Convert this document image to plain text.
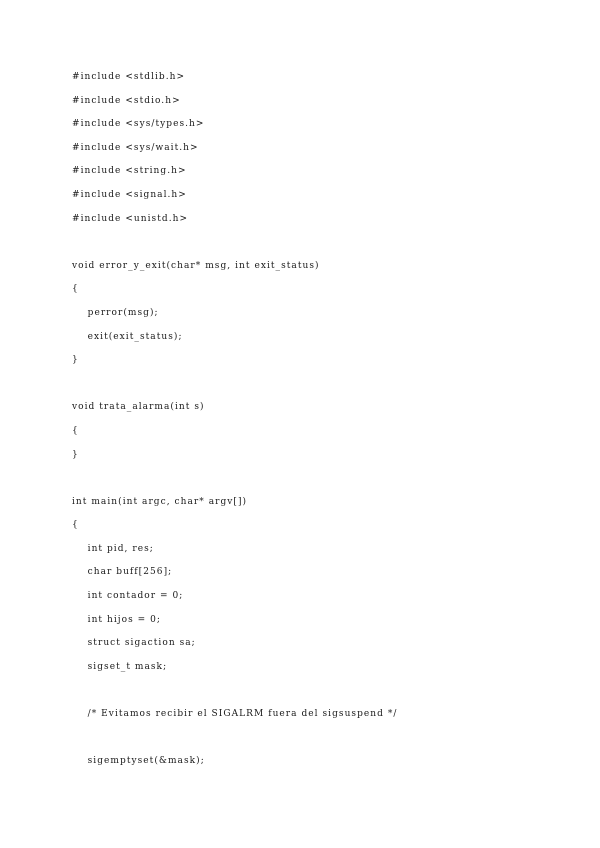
#include <stdlib.h>
#include <stdio.h>
#include <sys/types.h>
#include <sys/wait.h>
#include <string.h>
#include <signal.h>
#include <unistd.h>
void error_y_exit(char* msg, int exit_status)
{
perror(msg);
exit(exit_status);
}
void trata_alarma(int s)
{
}
int main(int argc, char* argv[])
{
int pid, res;
char buff[256];
int contador = 0;
int hijos = 0;
struct sigaction sa;
sigset_t mask;
/* Evitamos recibir el SIGALRM fuera del sigsuspend */
sigemptyset(&mask);
